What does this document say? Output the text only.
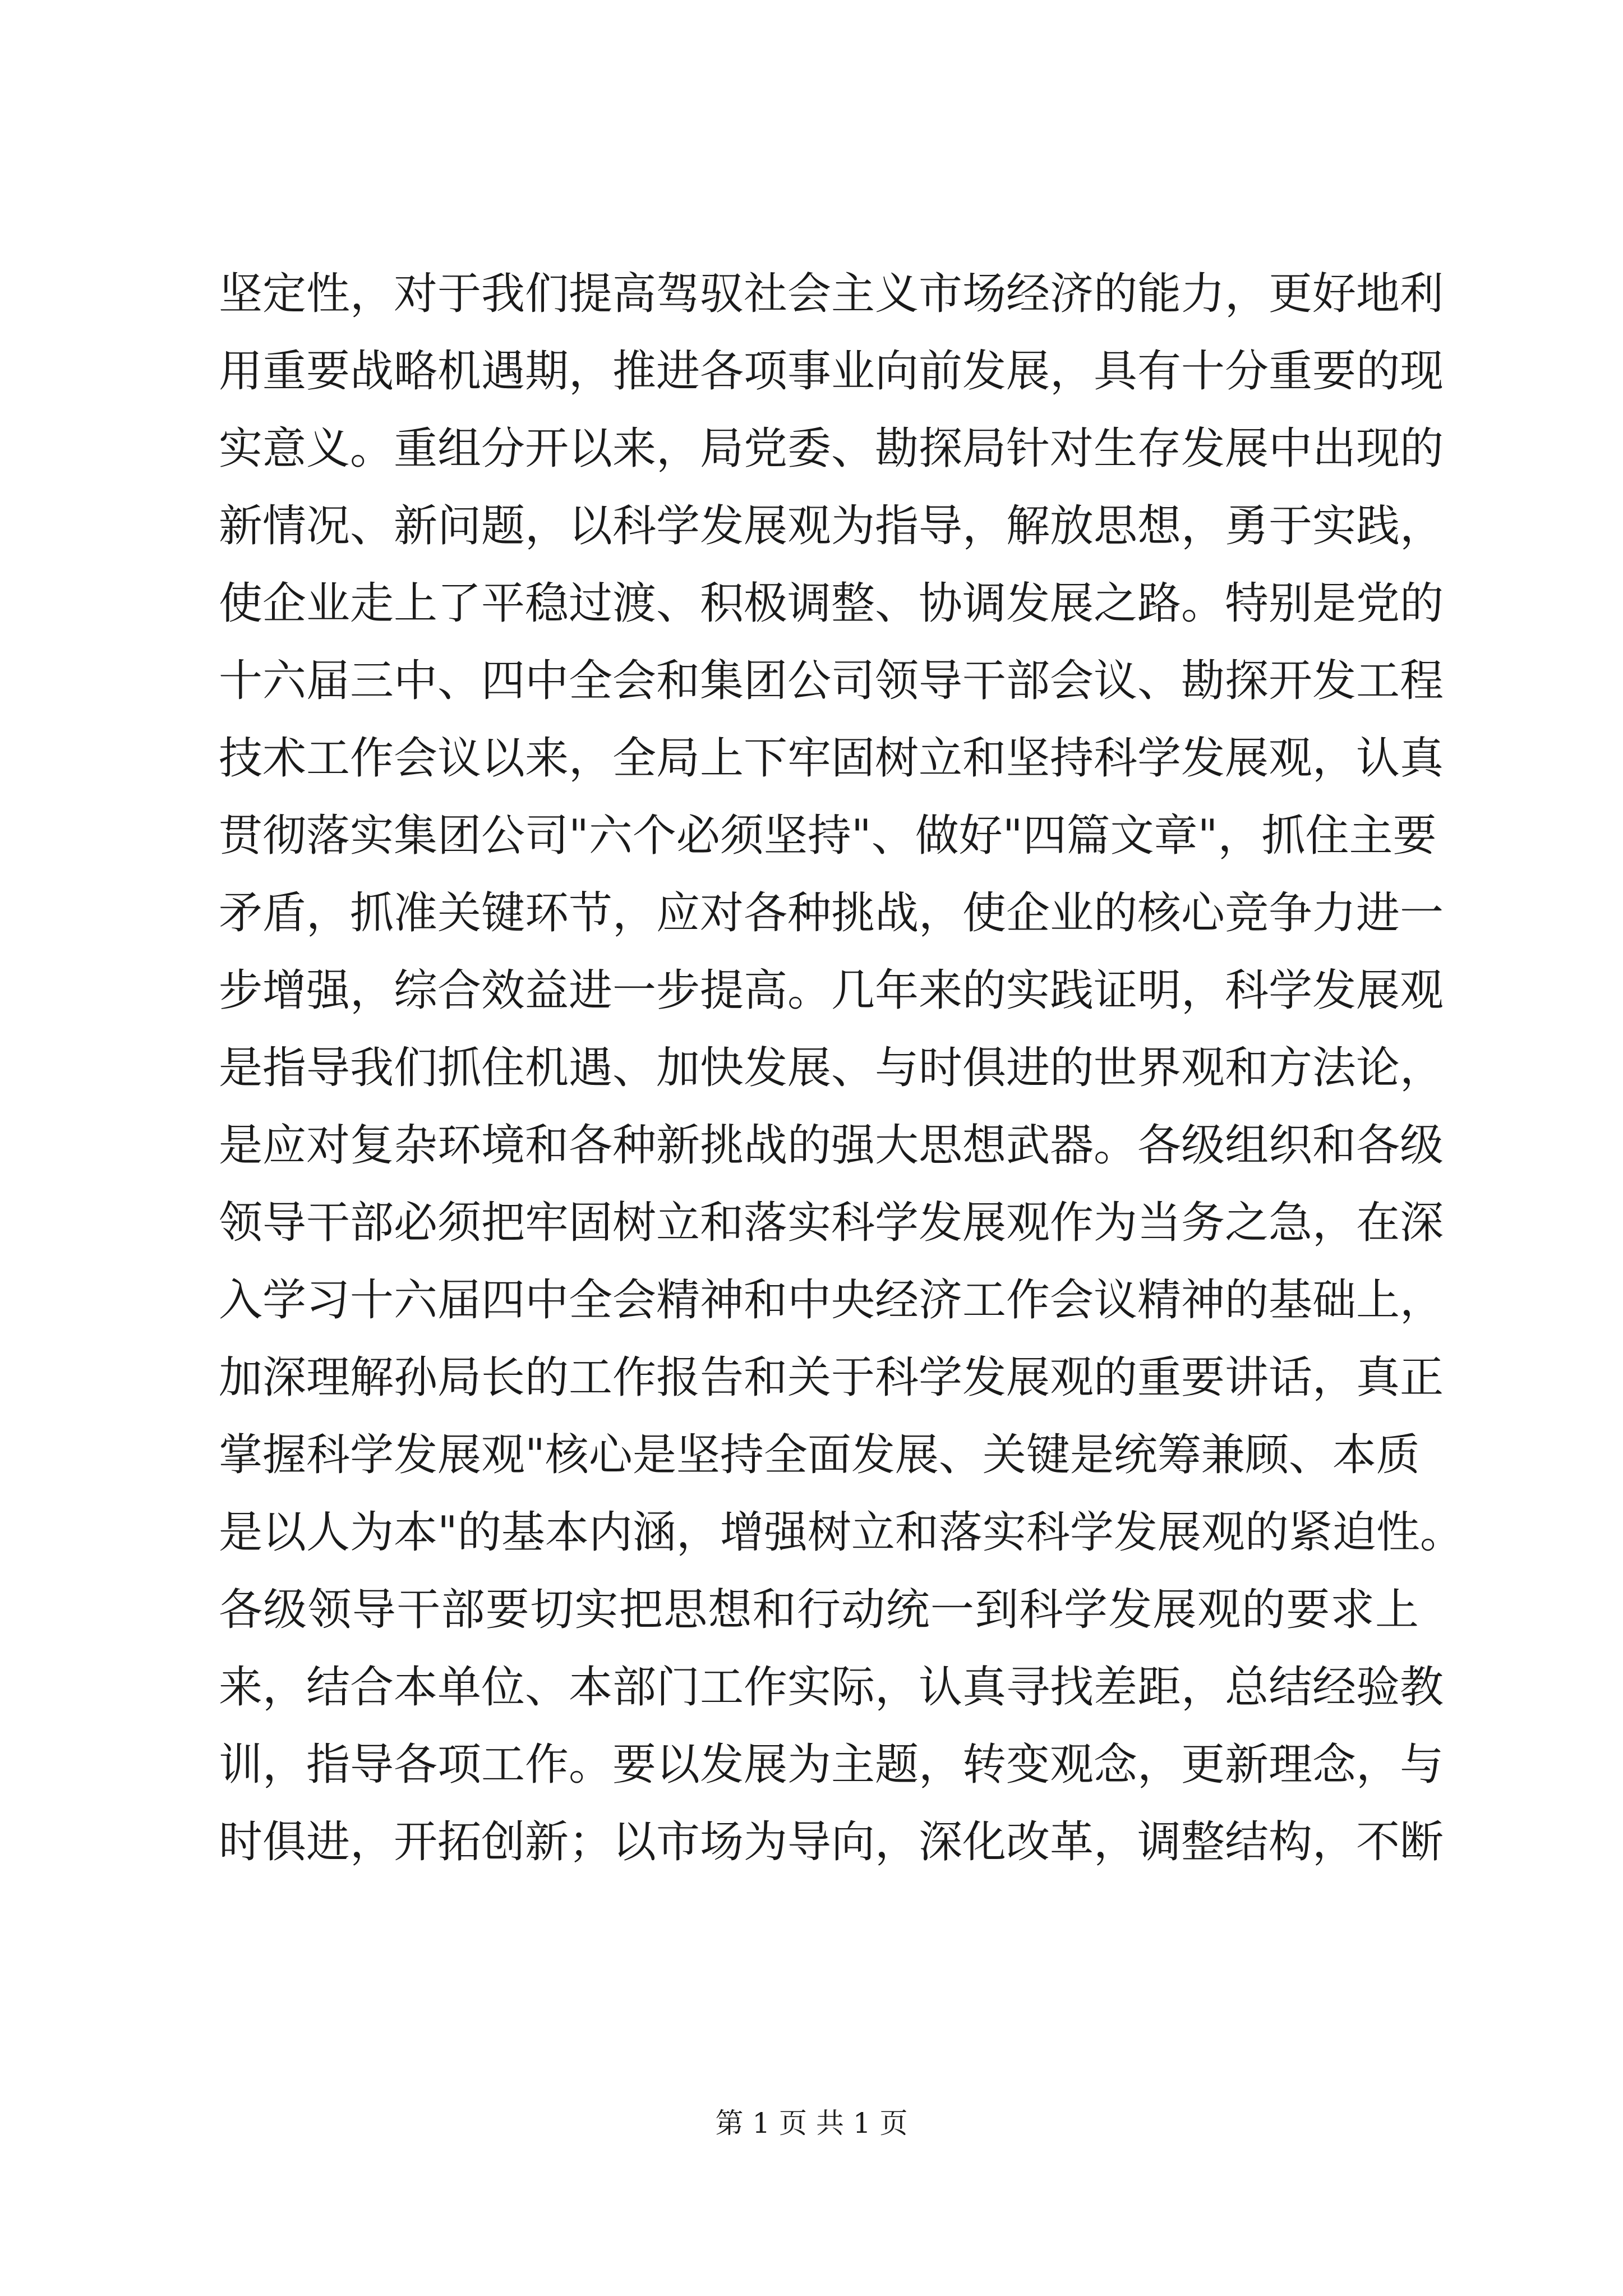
坚定性，对于我们提高驾驭社会主义市场经济的能力，更好地利
用重要战略机遇期，推进各项事业向前发展，具有十分重要的现
实意义。重组分开以来，局党委、勘探局针对生存发展中出现的
新情况、新问题，以科学发展观为指导，解放思想，勇于实践，
使企业走上了平稳过渡、积极调整、协调发展之路。特别是党的
十六届三中、四中全会和集团公司领导干部会议、勘探开发工程
技术工作会议以来，全局上下牢固树立和坚持科学发展观，认真
贯彻落实集团公司"六个必须坚持"、做好"四篇文章"，抓住主要
矛盾，抓准关键环节，应对各种挑战，使企业的核心竞争力进一
步增强，综合效益进一步提高。几年来的实践证明，科学发展观
是指导我们抓住机遇、加快发展、与时俱进的世界观和方法论，
是应对复杂环境和各种新挑战的强大思想武器。各级组织和各级
领导干部必须把牢固树立和落实科学发展观作为当务之急，在深
入学习十六届四中全会精神和中央经济工作会议精神的基础上，
加深理解孙局长的工作报告和关于科学发展观的重要讲话，真正
掌握科学发展观"核心是坚持全面发展、关键是统筹兼顾、本质
是以人为本"的基本内涵，增强树立和落实科学发展观的紧迫性。
各级领导干部要切实把思想和行动统一到科学发展观的要求上
来，结合本单位、本部门工作实际，认真寻找差距，总结经验教
训，指导各项工作。要以发展为主题，转变观念，更新理念，与
时俱进，开拓创新；以市场为导向，深化改革，调整结构，不断
第 1 页 共 1 页
